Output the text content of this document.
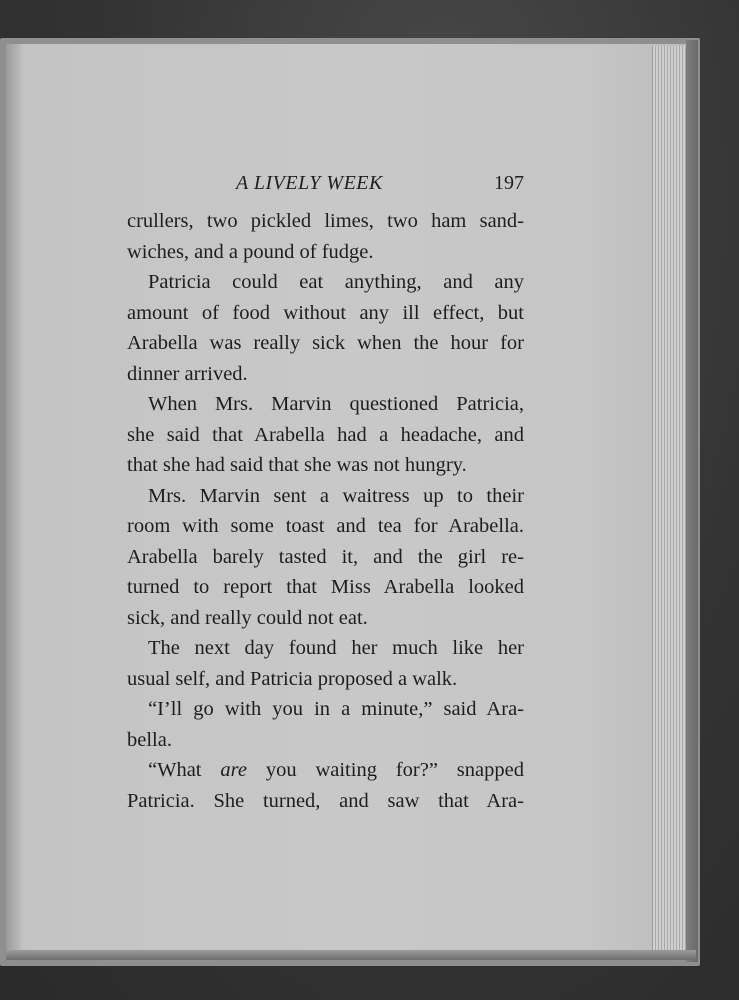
A LIVELY WEEK	197
crullers, two pickled limes, two ham sand-
wiches, and a pound of fudge.
Patricia could eat anything, and any
amount of food without any ill effect, but
Arabella was really sick when the hour for
dinner arrived.
When Mrs. Marvin questioned Patricia,
she said that Arabella had a headache, and
that she had said that she was not hungry.
Mrs. Marvin sent a waitress up to their
room with some toast and tea for Arabella.
Arabella barely tasted it, and the girl re-
turned to report that Miss Arabella looked
sick, and really could not eat.
The next day found her much like her
usual self, and Patricia proposed a walk.
“I’ll go with you in a minute,” said Ara-
bella.
“What are you waiting for?” snapped
Patricia. She turned, and saw that Ara-
